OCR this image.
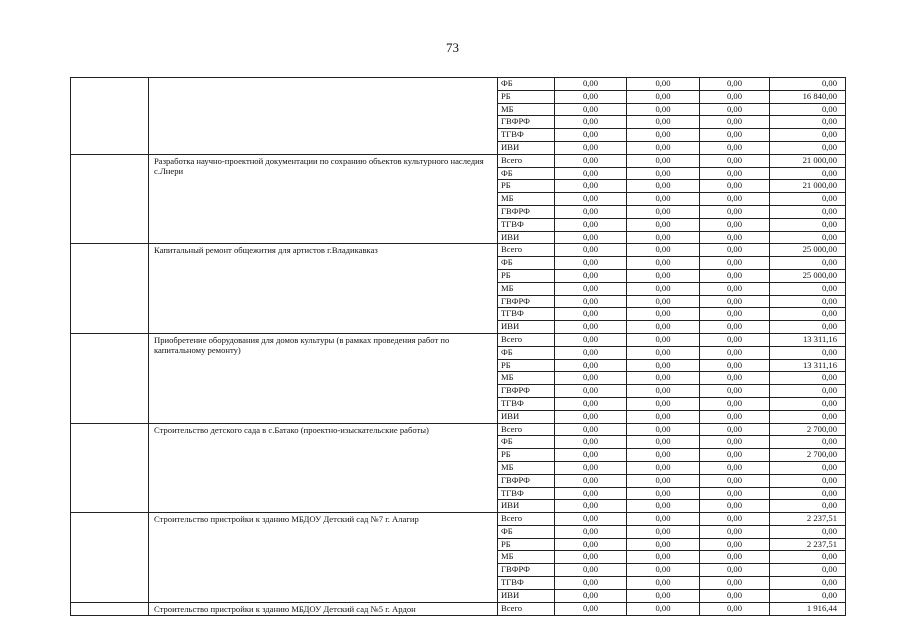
73
		ФБ	0,00	0,00	0,00	0,00
		РБ	0,00	0,00	0,00	16 840,00
		МБ	0,00	0,00	0,00	0,00
		ГВФРФ	0,00	0,00	0,00	0,00
		ТГВФ	0,00	0,00	0,00	0,00
		ИВИ	0,00	0,00	0,00	0,00
	Разработка научно-проектной документации по сохранию объектов культурного наследия с.Лнери	Всего	0,00	0,00	0,00	21 000,00
		ФБ	0,00	0,00	0,00	0,00
		РБ	0,00	0,00	0,00	21 000,00
		МБ	0,00	0,00	0,00	0,00
		ГВФРФ	0,00	0,00	0,00	0,00
		ТГВФ	0,00	0,00	0,00	0,00
		ИВИ	0,00	0,00	0,00	0,00
	Капитальный ремонт общежития для артистов г.Владикавказ	Всего	0,00	0,00	0,00	25 000,00
		ФБ	0,00	0,00	0,00	0,00
		РБ	0,00	0,00	0,00	25 000,00
		МБ	0,00	0,00	0,00	0,00
		ГВФРФ	0,00	0,00	0,00	0,00
		ТГВФ	0,00	0,00	0,00	0,00
		ИВИ	0,00	0,00	0,00	0,00
	Приобретение оборудования для домов культуры (в рамках проведения работ по капитальному ремонту)	Всего	0,00	0,00	0,00	13 311,16
		ФБ	0,00	0,00	0,00	0,00
		РБ	0,00	0,00	0,00	13 311,16
		МБ	0,00	0,00	0,00	0,00
		ГВФРФ	0,00	0,00	0,00	0,00
		ТГВФ	0,00	0,00	0,00	0,00
		ИВИ	0,00	0,00	0,00	0,00
	Строительство детского сада в с.Батако (проектно-изыскательские работы)	Всего	0,00	0,00	0,00	2 700,00
		ФБ	0,00	0,00	0,00	0,00
		РБ	0,00	0,00	0,00	2 700,00
		МБ	0,00	0,00	0,00	0,00
		ГВФРФ	0,00	0,00	0,00	0,00
		ТГВФ	0,00	0,00	0,00	0,00
		ИВИ	0,00	0,00	0,00	0,00
	Строительство пристройки к зданию МБДОУ Детский сад №7 г. Алагир	Всего	0,00	0,00	0,00	2 237,51
		ФБ	0,00	0,00	0,00	0,00
		РБ	0,00	0,00	0,00	2 237,51
		МБ	0,00	0,00	0,00	0,00
		ГВФРФ	0,00	0,00	0,00	0,00
		ТГВФ	0,00	0,00	0,00	0,00
		ИВИ	0,00	0,00	0,00	0,00
	Строительство пристройки к зданию МБДОУ Детский сад №5 г. Ардон	Всего	0,00	0,00	0,00	1 916,44
